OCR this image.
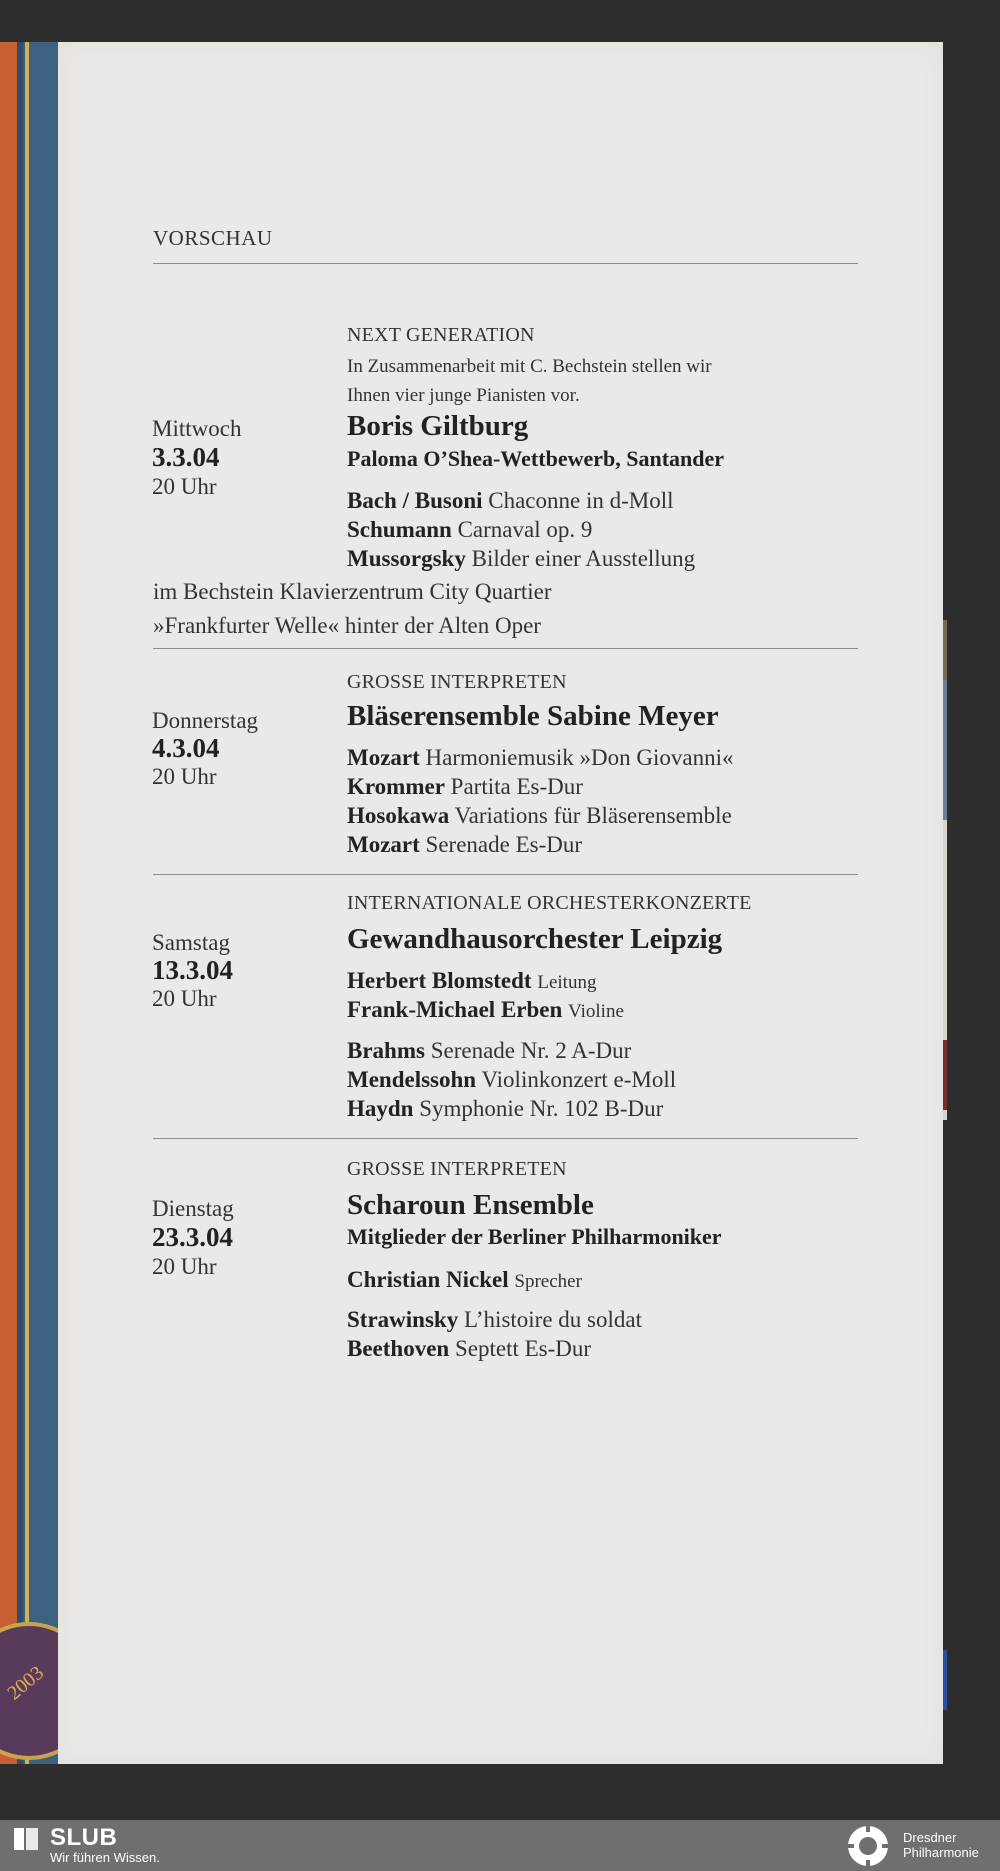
2003
VORSCHAU
NEXT GENERATION
In Zusammenarbeit mit C. Bechstein stellen wir
Ihnen vier junge Pianisten vor.
Mittwoch	Boris Giltburg
3.3.04	Paloma O’Shea-Wettbewerb, Santander
20 Uhr
Bach / Busoni Chaconne in d-Moll
Schumann Carnaval op. 9
Mussorgsky Bilder einer Ausstellung
im Bechstein Klavierzentrum City Quartier
»Frankfurter Welle« hinter der Alten Oper
GROSSE INTERPRETEN
Donnerstag	Bläserensemble Sabine Meyer
4.3.04	Mozart Harmoniemusik »Don Giovanni«
20 Uhr	Krommer Partita Es-Dur
Hosokawa Variations für Bläserensemble
Mozart Serenade Es-Dur
INTERNATIONALE ORCHESTERKONZERTE
Samstag	Gewandhausorchester Leipzig
13.3.04	Herbert Blomstedt Leitung
20 Uhr	Frank-Michael Erben Violine
Brahms Serenade Nr. 2 A-Dur
Mendelssohn Violinkonzert e-Moll
Haydn Symphonie Nr. 102 B-Dur
GROSSE INTERPRETEN
Dienstag	Scharoun Ensemble
23.3.04	Mitglieder der Berliner Philharmoniker
20 Uhr
Christian Nickel Sprecher
Strawinsky L’histoire du soldat
Beethoven Septett Es-Dur
SLUB
Wir führen Wissen.
Dresdner
Philharmonie
